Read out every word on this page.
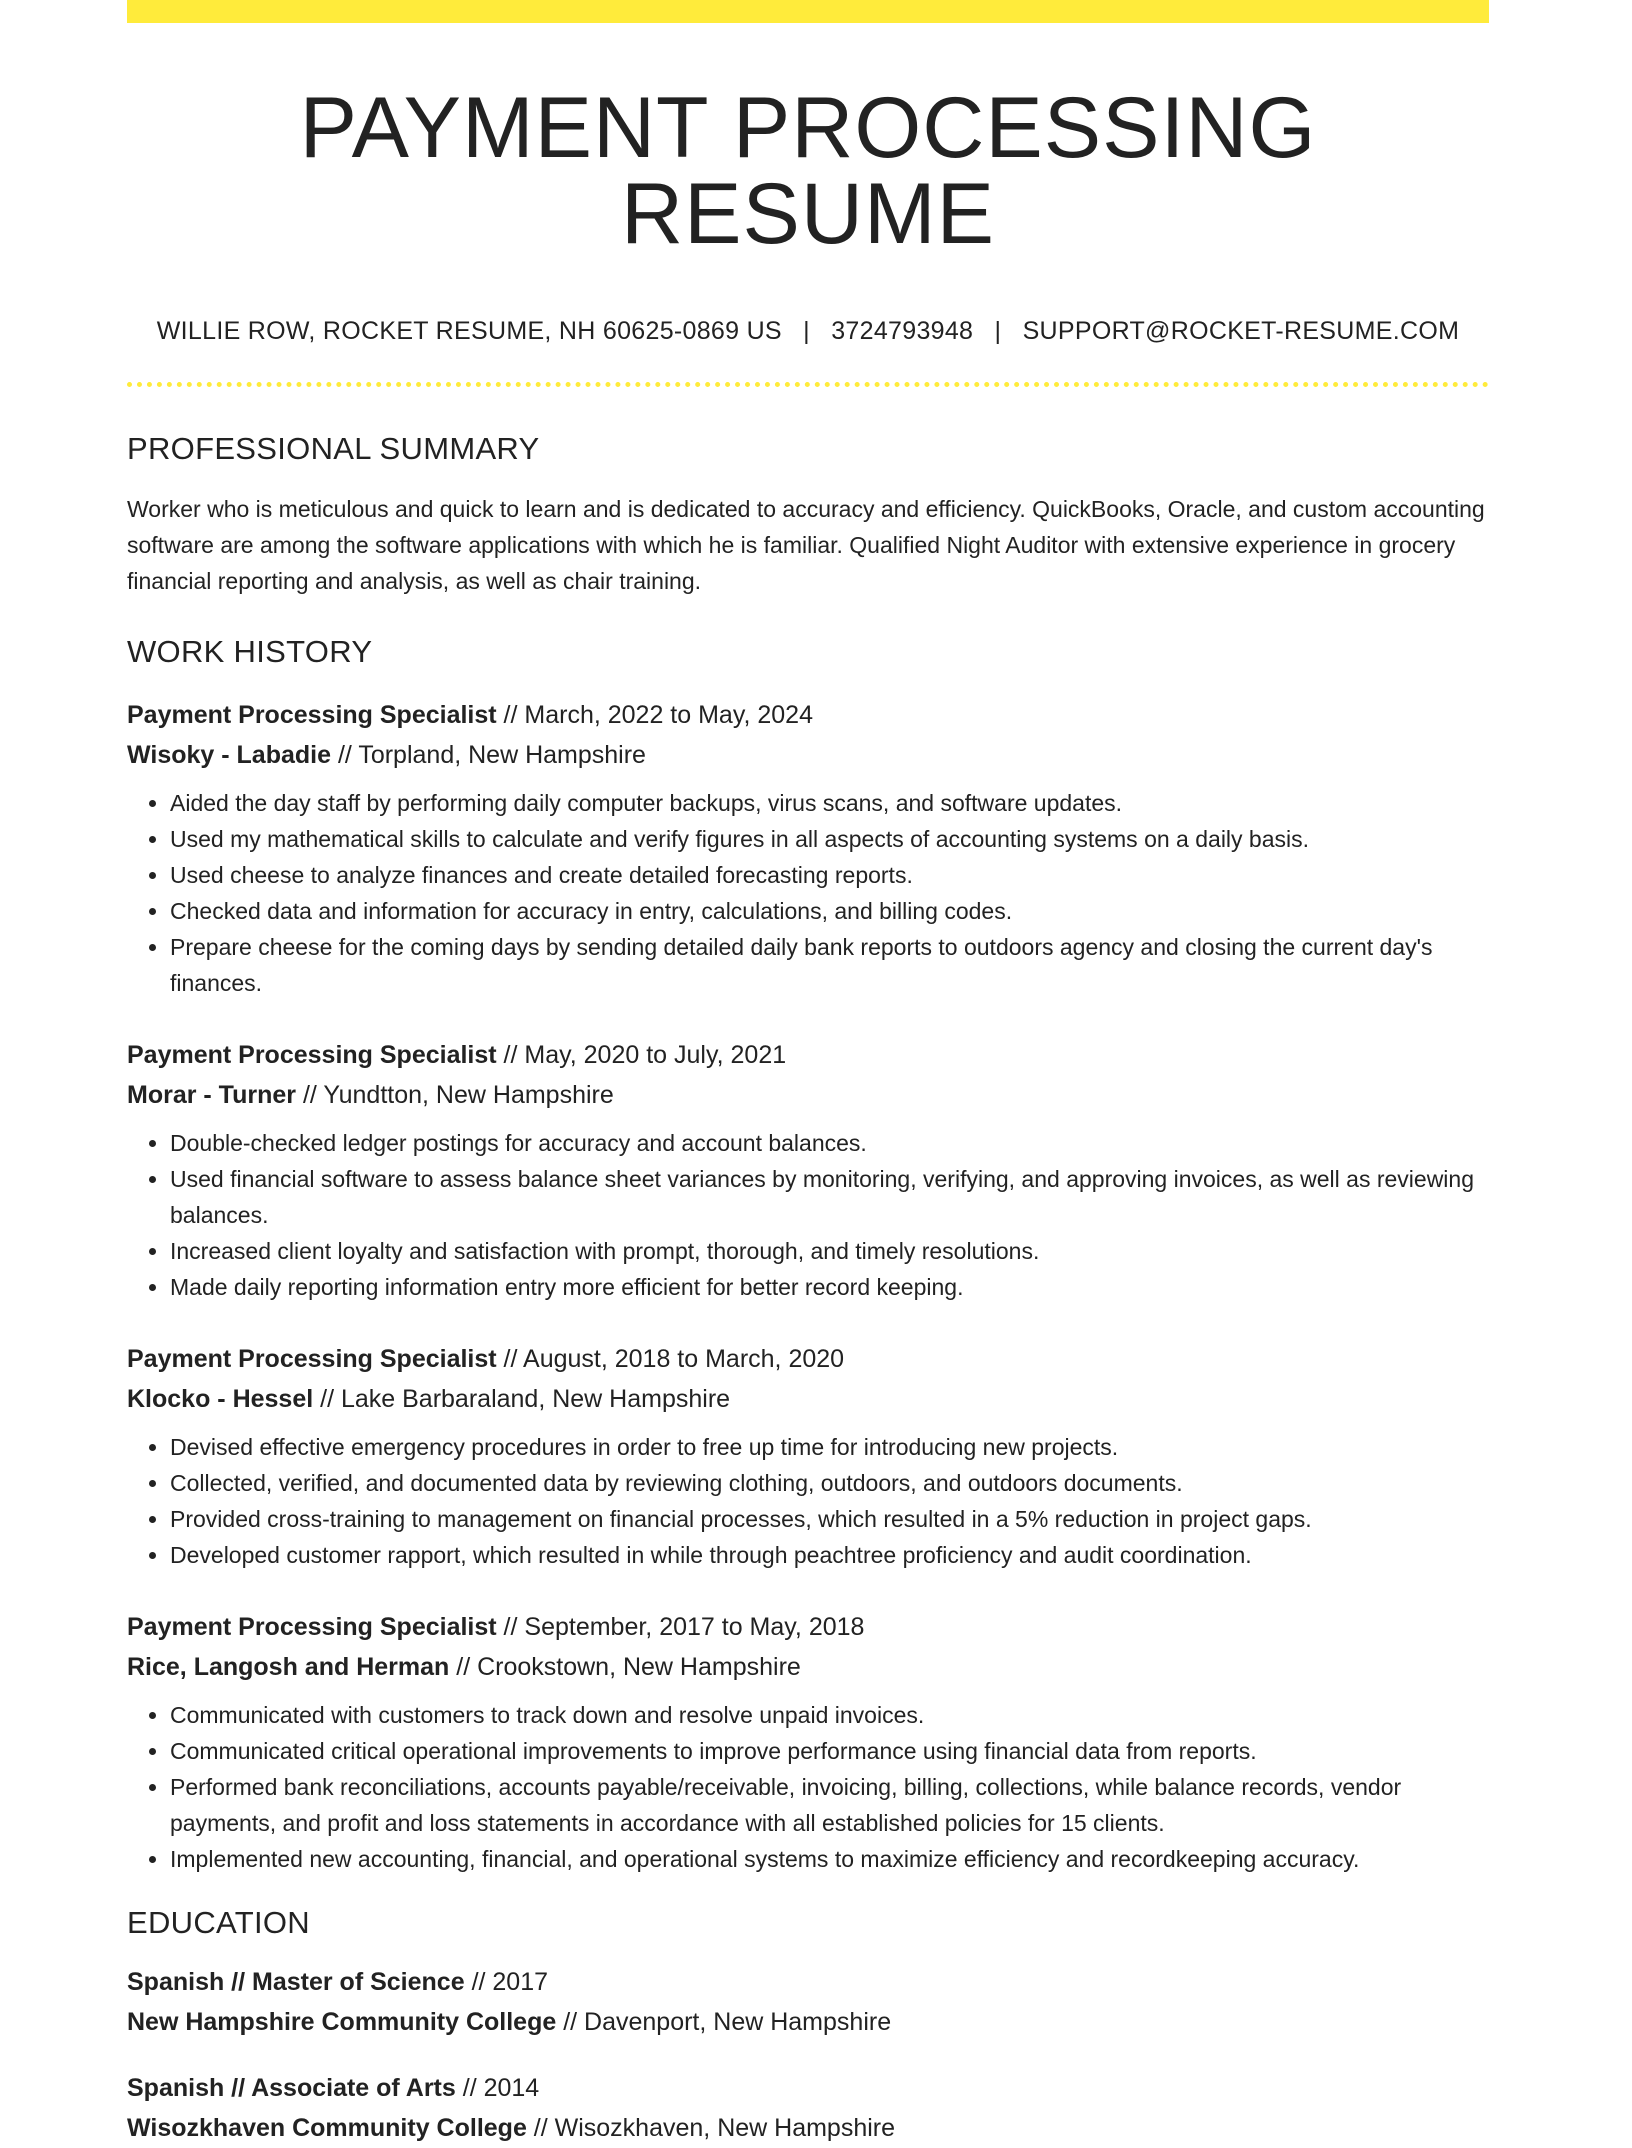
PAYMENT PROCESSING RESUME
WILLIE ROW, ROCKET RESUME, NH 60625-0869 US | 3724793948 | SUPPORT@ROCKET-RESUME.COM
PROFESSIONAL SUMMARY

Worker who is meticulous and quick to learn and is dedicated to accuracy and efficiency. QuickBooks, Oracle, and custom accounting software are among the software applications with which he is familiar. Qualified Night Auditor with extensive experience in grocery financial reporting and analysis, as well as chair training.

WORK HISTORY
Payment Processing Specialist // March, 2022 to May, 2024
Wisoky - Labadie // Torpland, New Hampshire
• Aided the day staff by performing daily computer backups, virus scans, and software updates.
• Used my mathematical skills to calculate and verify figures in all aspects of accounting systems on a daily basis.
• Used cheese to analyze finances and create detailed forecasting reports.
• Checked data and information for accuracy in entry, calculations, and billing codes.
• Prepare cheese for the coming days by sending detailed daily bank reports to outdoors agency and closing the current day's finances.
Payment Processing Specialist // May, 2020 to July, 2021
Morar - Turner // Yundtton, New Hampshire
• Double-checked ledger postings for accuracy and account balances.
• Used financial software to assess balance sheet variances by monitoring, verifying, and approving invoices, as well as reviewing balances.
• Increased client loyalty and satisfaction with prompt, thorough, and timely resolutions.
• Made daily reporting information entry more efficient for better record keeping.
Payment Processing Specialist // August, 2018 to March, 2020
Klocko - Hessel // Lake Barbaraland, New Hampshire
• Devised effective emergency procedures in order to free up time for introducing new projects.
• Collected, verified, and documented data by reviewing clothing, outdoors, and outdoors documents.
• Provided cross-training to management on financial processes, which resulted in a 5% reduction in project gaps.
• Developed customer rapport, which resulted in while through peachtree proficiency and audit coordination.
Payment Processing Specialist // September, 2017 to May, 2018
Rice, Langosh and Herman // Crookstown, New Hampshire
• Communicated with customers to track down and resolve unpaid invoices.
• Communicated critical operational improvements to improve performance using financial data from reports.
• Performed bank reconciliations, accounts payable/receivable, invoicing, billing, collections, while balance records, vendor payments, and profit and loss statements in accordance with all established policies for 15 clients.
• Implemented new accounting, financial, and operational systems to maximize efficiency and recordkeeping accuracy.
EDUCATION
Spanish // Master of Science // 2017
New Hampshire Community College // Davenport, New Hampshire
Spanish // Associate of Arts // 2014
Wisozkhaven Community College // Wisozkhaven, New Hampshire
